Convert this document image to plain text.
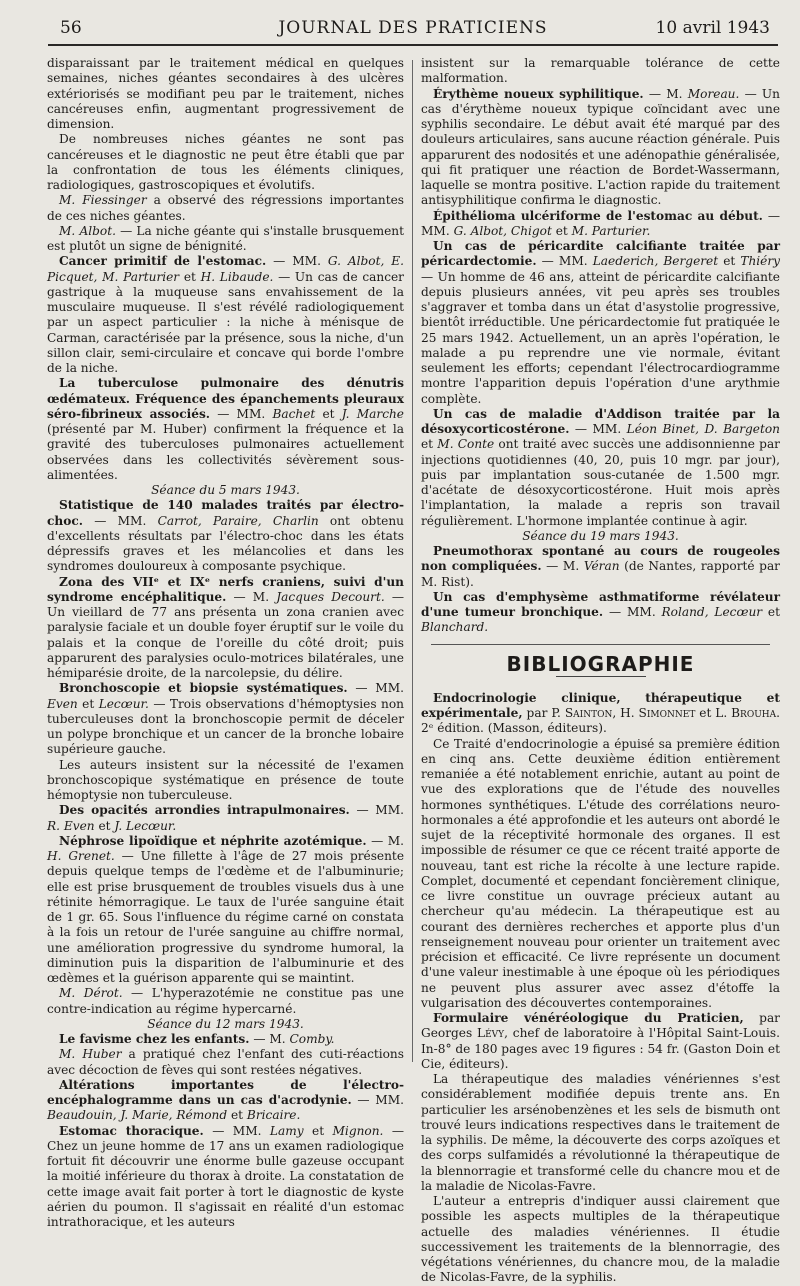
56	JOURNAL DES PRATICIENS	10 avril 1943

disparaissant par le traitement médical en quelques semaines, niches géantes secondaires à des ulcères extériorisés se modifiant peu par le traitement, niches cancéreuses enfin, augmentant progressivement de dimension.

De nombreuses niches géantes ne sont pas cancéreuses et le diagnostic ne peut être établi que par la confrontation de tous les éléments cliniques, radiologiques, gastroscopiques et évolutifs.

M. Fiessinger a observé des régressions importantes de ces niches géantes.

M. Albot. — La niche géante qui s'installe brusquement est plutôt un signe de bénignité.

Cancer primitif de l'estomac. — MM. G. Albot, E. Picquet, M. Parturier et H. Libaude. — Un cas de cancer gastrique à la muqueuse sans envahissement de la musculaire muqueuse. Il s'est révélé radiologiquement par un aspect particulier : la niche à ménisque de Carman, caractérisée par la présence, sous la niche, d'un sillon clair, semi-circulaire et concave qui borde l'ombre de la niche.

La tuberculose pulmonaire des dénutris œdémateux. Fréquence des épanchements pleuraux séro-fibrineux associés. — MM. Bachet et J. Marche (présenté par M. Huber) confirment la fréquence et la gravité des tuberculoses pulmonaires actuellement observées dans les collectivités sévèrement sous-alimentées.

Séance du 5 mars 1943.

Statistique de 140 malades traités par électro-choc. — MM. Carrot, Paraire, Charlin ont obtenu d'excellents résultats par l'électro-choc dans les états dépressifs graves et les mélancolies et dans les syndromes douloureux à composante psychique.

Zona des VIIᵉ et IXᵉ nerfs craniens, suivi d'un syndrome encéphalitique. — M. Jacques Decourt. — Un vieillard de 77 ans présenta un zona cranien avec paralysie faciale et un double foyer éruptif sur le voile du palais et la conque de l'oreille du côté droit; puis apparurent des paralysies oculo-motrices bilatérales, une hémiparésie droite, de la narcolepsie, du délire.

Bronchoscopie et biopsie systématiques. — MM. Even et Lecœur. — Trois observations d'hémoptysies non tuberculeuses dont la bronchoscopie permit de déceler un polype bronchique et un cancer de la bronche lobaire supérieure gauche.

Les auteurs insistent sur la nécessité de l'examen bronchoscopique systématique en présence de toute hémoptysie non tuberculeuse.

Des opacités arrondies intrapulmonaires. — MM. R. Even et J. Lecœur.

Néphrose lipoïdique et néphrite azotémique. — M. H. Grenet. — Une fillette à l'âge de 27 mois présente depuis quelque temps de l'œdème et de l'albuminurie; elle est prise brusquement de troubles visuels dus à une rétinite hémorragique. Le taux de l'urée sanguine était de 1 gr. 65. Sous l'influence du régime carné on constata à la fois un retour de l'urée sanguine au chiffre normal, une amélioration progressive du syndrome humoral, la diminution puis la disparition de l'albuminurie et des œdèmes et la guérison apparente qui se maintint.

M. Dérot. — L'hyperazotémie ne constitue pas une contre-indication au régime hypercarné.

Séance du 12 mars 1943.

Le favisme chez les enfants. — M. Comby.

M. Huber a pratiqué chez l'enfant des cuti-réactions avec décoction de fèves qui sont restées négatives.

Altérations importantes de l'électro-encéphalogramme dans un cas d'acrodynie. — MM. Beaudouin, J. Marie, Rémond et Bricaire.

Estomac thoracique. — MM. Lamy et Mignon. — Chez un jeune homme de 17 ans un examen radiologique fortuit fit découvrir une énorme bulle gazeuse occupant la moitié inférieure du thorax à droite. La constatation de cette image avait fait porter à tort le diagnostic de kyste aérien du poumon. Il s'agissait en réalité d'un estomac intrathoracique, et les auteurs

insistent sur la remarquable tolérance de cette malformation.

Érythème noueux syphilitique. — M. Moreau. — Un cas d'érythème noueux typique coïncidant avec une syphilis secondaire. Le début avait été marqué par des douleurs articulaires, sans aucune réaction générale. Puis apparurent des nodosités et une adénopathie généralisée, qui fit pratiquer une réaction de Bordet-Wassermann, laquelle se montra positive. L'action rapide du traitement antisyphilitique confirma le diagnostic.

Épithélioma ulcériforme de l'estomac au début. — MM. G. Albot, Chigot et M. Parturier.

Un cas de péricardite calcifiante traitée par péricardectomie. — MM. Laederich, Bergeret et Thiéry — Un homme de 46 ans, atteint de péricardite calcifiante depuis plusieurs années, vit peu après ses troubles s'aggraver et tomba dans un état d'asystolie progressive, bientôt irréductible. Une péricardectomie fut pratiquée le 25 mars 1942. Actuellement, un an après l'opération, le malade a pu reprendre une vie normale, évitant seulement les efforts; cependant l'électrocardiogramme montre l'apparition depuis l'opération d'une arythmie complète.

Un cas de maladie d'Addison traitée par la désoxycorticostérone. — MM. Léon Binet, D. Bargeton et M. Conte ont traité avec succès une addisonnienne par injections quotidiennes (40, 20, puis 10 mgr. par jour), puis par implantation sous-cutanée de 1.500 mgr. d'acétate de désoxycorticostérone. Huit mois après l'implantation, la malade a repris son travail régulièrement. L'hormone implantée continue à agir.

Séance du 19 mars 1943.

Pneumothorax spontané au cours de rougeoles non compliquées. — M. Véran (de Nantes, rapporté par M. Rist).

Un cas d'emphysème asthmatiforme révélateur d'une tumeur bronchique. — MM. Roland, Lecœur et Blanchard.

BIBLIOGRAPHIE

Endocrinologie clinique, thérapeutique et expérimentale, par P. Sainton, H. Simonnet et L. Brouha. 2ᵉ édition. (Masson, éditeurs).

Ce Traité d'endocrinologie a épuisé sa première édition en cinq ans. Cette deuxième édition entièrement remaniée a été notablement enrichie, autant au point de vue des explorations que de l'étude des nouvelles hormones synthétiques. L'étude des corrélations neuro-hormonales a été approfondie et les auteurs ont abordé le sujet de la réceptivité hormonale des organes. Il est impossible de résumer ce que ce récent traité apporte de nouveau, tant est riche la récolte à une lecture rapide. Complet, documenté et cependant foncièrement clinique, ce livre constitue un ouvrage précieux autant au chercheur qu'au médecin. La thérapeutique est au courant des dernières recherches et apporte plus d'un renseignement nouveau pour orienter un traitement avec précision et efficacité. Ce livre représente un document d'une valeur inestimable à une époque où les périodiques ne peuvent plus assurer avec assez d'étoffe la vulgarisation des découvertes contemporaines.

Formulaire vénéréologique du Praticien, par Georges Lévy, chef de laboratoire à l'Hôpital Saint-Louis. In-8° de 180 pages avec 19 figures : 54 fr. (Gaston Doin et Cie, éditeurs).

La thérapeutique des maladies vénériennes s'est considérablement modifiée depuis trente ans. En particulier les arsénobenzènes et les sels de bismuth ont trouvé leurs indications respectives dans le traitement de la syphilis. De même, la découverte des corps azoïques et des corps sulfamidés a révolutionné la thérapeutique de la blennorragie et transformé celle du chancre mou et de la maladie de Nicolas-Favre.

L'auteur a entrepris d'indiquer aussi clairement que possible les aspects multiples de la thérapeutique actuelle des maladies vénériennes. Il étudie successivement les traitements de la blennorragie, des végétations vénériennes, du chancre mou, de la maladie de Nicolas-Favre, de la syphilis.
